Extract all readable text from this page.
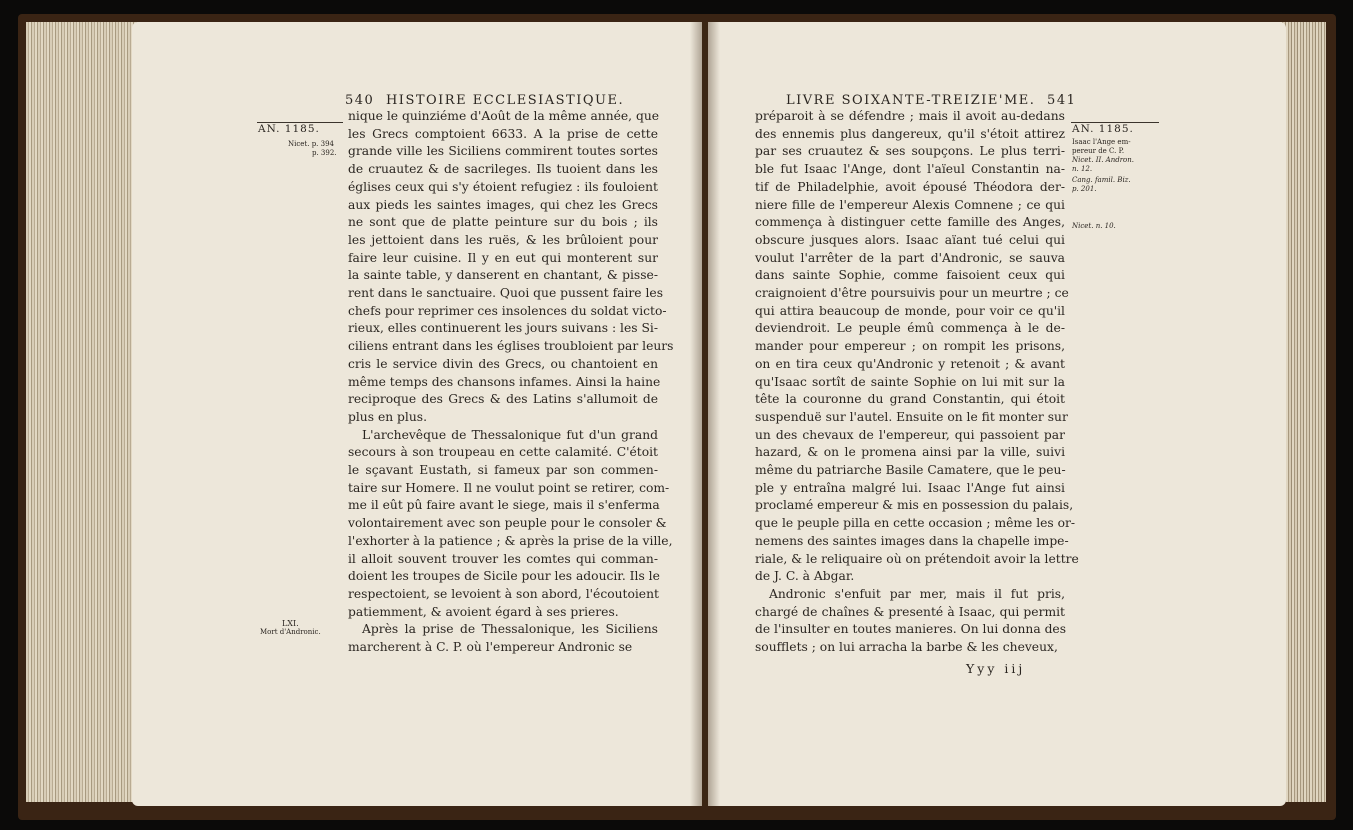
540 HISTOIRE ECCLESIASTIQUE.
AN. 1185.
Nicet. p. 394
p. 392.
LXI.
Mort d'Andronic.
nique le quinziéme d'Août de la même année, que
les Grecs comptoient 6633. A la prise de cette
grande ville les Siciliens commirent toutes sortes
de cruautez & de sacrileges. Ils tuoient dans les
églises ceux qui s'y étoient refugiez : ils fouloient
aux pieds les saintes images, qui chez les Grecs
ne sont que de platte peinture sur du bois ; ils
les jettoient dans les ruës, & les brûloient pour
faire leur cuisine. Il y en eut qui monterent sur
la sainte table, y danserent en chantant, & pisse-
rent dans le sanctuaire. Quoi que pussent faire les
chefs pour reprimer ces insolences du soldat victo-
rieux, elles continuerent les jours suivans : les Si-
ciliens entrant dans les églises troubloient par leurs
cris le service divin des Grecs, ou chantoient en
même temps des chansons infames. Ainsi la haine
reciproque des Grecs & des Latins s'allumoit de
plus en plus.
L'archevêque de Thessalonique fut d'un grand
secours à son troupeau en cette calamité. C'étoit
le sçavant Eustath, si fameux par son commen-
taire sur Homere. Il ne voulut point se retirer, com-
me il eût pû faire avant le siege, mais il s'enferma
volontairement avec son peuple pour le consoler &
l'exhorter à la patience ; & après la prise de la ville,
il alloit souvent trouver les comtes qui comman-
doient les troupes de Sicile pour les adoucir. Ils le
respectoient, se levoient à son abord, l'écoutoient
patiemment, & avoient égard à ses prieres.
Après la prise de Thessalonique, les Siciliens
marcherent à C. P. où l'empereur Andronic se
LIVRE SOIXANTE-TREIZIE'ME. 541
préparoit à se défendre ; mais il avoit au-dedans
des ennemis plus dangereux, qu'il s'étoit attirez
par ses cruautez & ses soupçons. Le plus terri-
ble fut Isaac l'Ange, dont l'aïeul Constantin na-
tif de Philadelphie, avoit épousé Théodora der-
niere fille de l'empereur Alexis Comnene ; ce qui
commença à distinguer cette famille des Anges,
obscure jusques alors. Isaac aïant tué celui qui
voulut l'arrêter de la part d'Andronic, se sauva
dans sainte Sophie, comme faisoient ceux qui
craignoient d'être poursuivis pour un meurtre ; ce
qui attira beaucoup de monde, pour voir ce qu'il
deviendroit. Le peuple émû commença à le de-
mander pour empereur ; on rompit les prisons,
on en tira ceux qu'Andronic y retenoit ; & avant
qu'Isaac sortît de sainte Sophie on lui mit sur la
tête la couronne du grand Constantin, qui étoit
suspenduë sur l'autel. Ensuite on le fit monter sur
un des chevaux de l'empereur, qui passoient par
hazard, & on le promena ainsi par la ville, suivi
même du patriarche Basile Camatere, que le peu-
ple y entraîna malgré lui. Isaac l'Ange fut ainsi
proclamé empereur & mis en possession du palais,
que le peuple pilla en cette occasion ; même les or-
nemens des saintes images dans la chapelle impe-
riale, & le reliquaire où on prétendoit avoir la lettre
de J. C. à Abgar.
Andronic s'enfuit par mer, mais il fut pris,
chargé de chaînes & presenté à Isaac, qui permit
de l'insulter en toutes manieres. On lui donna des
soufflets ; on lui arracha la barbe & les cheveux,
AN. 1185.
Isaac l'Ange em-
pereur de C. P.
Nicet. II. Andron.
n. 12.
Cang. famil. Biz.
p. 201.
Nicet. n. 10.
Yyy iij
